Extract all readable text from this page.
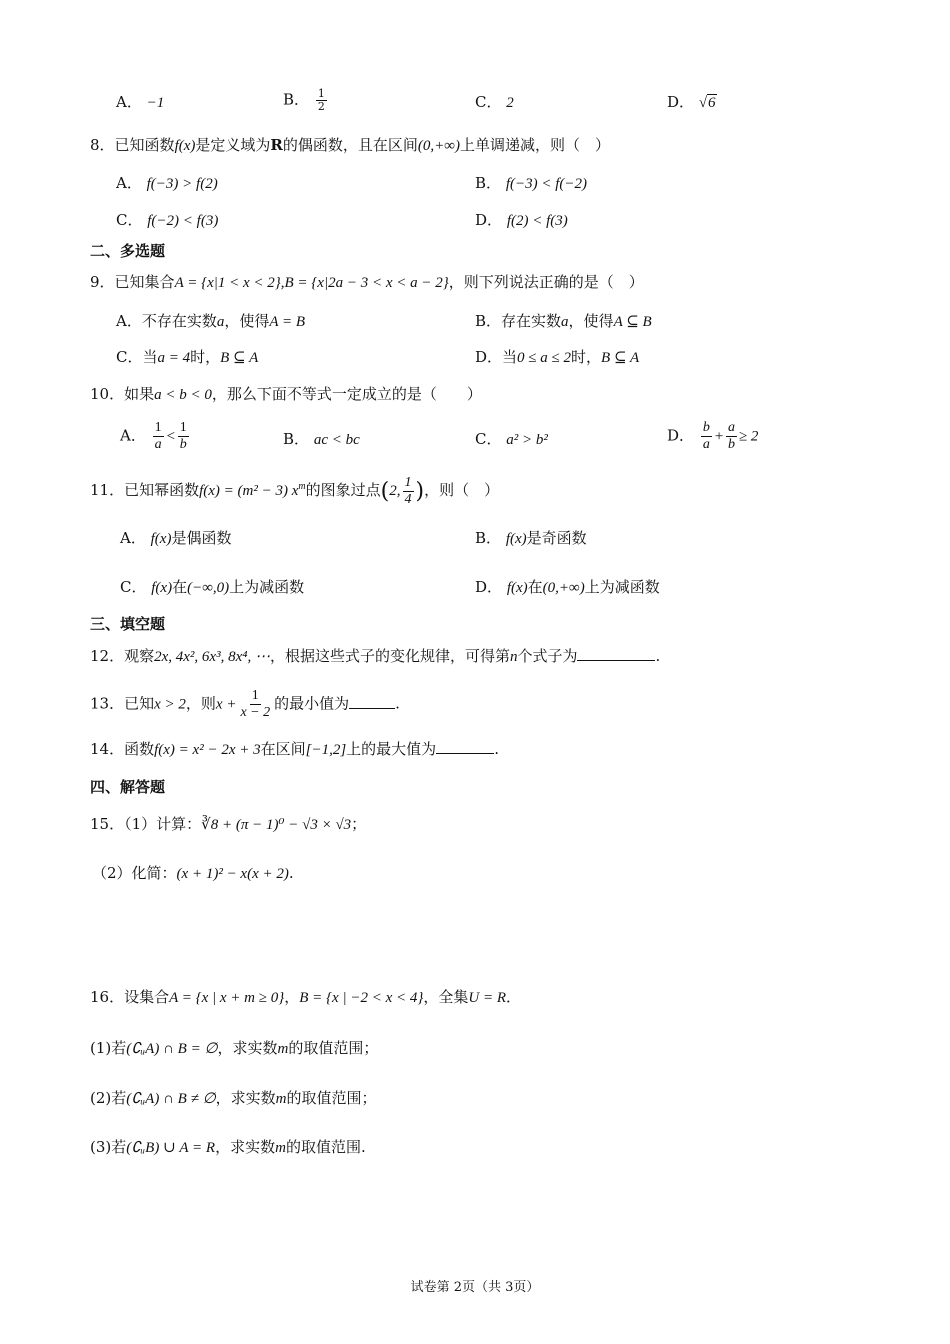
A． −1	B． $\frac{1}{2}$	C． 2	D． √6
8．已知函数f(x)是定义域为R的偶函数，且在区间(0,+∞)上单调递减，则（　）
A． f(−3) > f(2)	B． f(−3) < f(−2)
C． f(−2) < f(3)	D． f(2) < f(3)
二、多选题
9．已知集合A = {x|1 < x < 2},B = {x|2a − 3 < x < a − 2}，则下列说法正确的是（　）
A．不存在实数a，使得A = B	B．存在实数a，使得A ⊆ B
C．当a = 4时，B ⊆ A	D．当0 ≤ a ≤ 2时，B ⊆ A
10．如果a < b < 0，那么下面不等式一定成立的是（　　）
A． $\frac{1}{a} < \frac{1}{b}$	B． ac < bc	C． a² > b²	D． $\frac{b}{a} + \frac{a}{b} \ge 2$
11．已知幂函数f(x) = (m² − 3) $x^m$的图象过点(2, $\frac{1}{4}$ )，则（　）
A． f(x)是偶函数	B． f(x)是奇函数
C． f(x)在(−∞,0)上为减函数	D． f(x)在(0,+∞)上为减函数
三、填空题
12．观察2x, 4x², 6x³, 8x⁴, ⋯，根据这些式子的变化规律，可得第n个式子为	.
13．已知x > 2，则$x + \frac{1}{x - 2}$ 的最小值为	.
14．函数f(x) = x² − 2x + 3在区间[−1,2]上的最大值为	.
四、解答题
15．（1）计算：∛8 + (π − 1)⁰ − √3 × √3；
（2）化简：(x + 1)² − x(x + 2).
16．设集合A = {x | x + m ≥ 0}，B = {x | −2 < x < 4}，全集U = R．
(1)若(∁ᵤA) ∩ B = ∅，求实数m的取值范围；
(2)若(∁ᵤA) ∩ B ≠ ∅，求实数m的取值范围；
(3)若(∁ᵤB) ∪ A = R，求实数m的取值范围.
试卷第 2页（共 3页）
